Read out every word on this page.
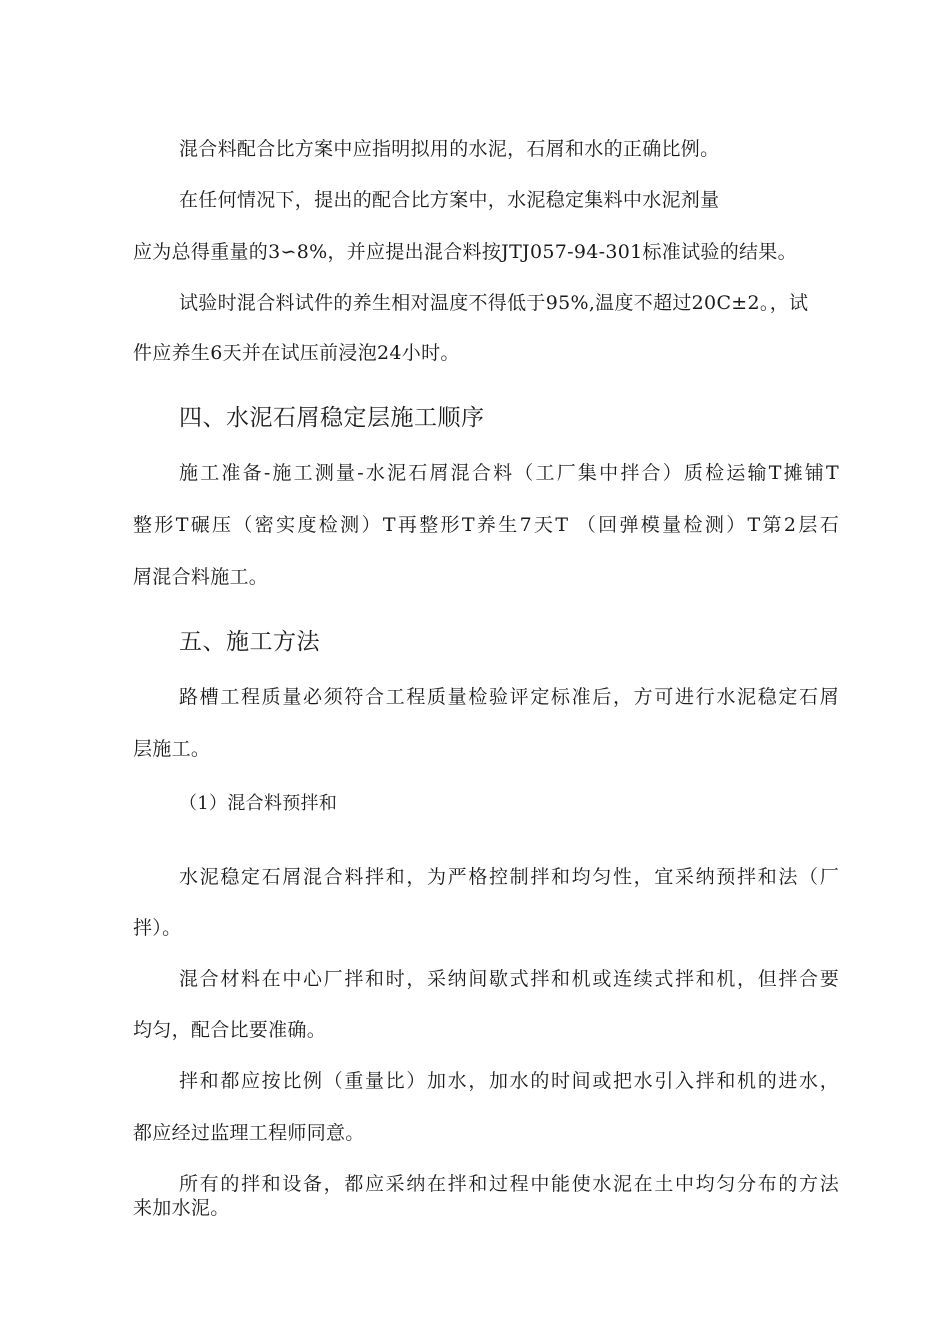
混合料配合比方案中应指明拟用的水泥，石屑和水的正确比例。
在任何情况下，提出的配合比方案中，水泥稳定集料中水泥剂量
应为总得重量的3∽8%，并应提出混合料按JTJ057-94-301标准试验的结果。
试验时混合料试件的养生相对温度不得低于95%,温度不超过20C±2。，试
件应养生6天并在试压前浸泡24小时。
四、水泥石屑稳定层施工顺序
施工准备-施工测量-水泥石屑混合料（工厂集中拌合）质检运输T摊铺T
整形T碾压（密实度检测）T再整形T养生7天T （回弹模量检测）T第2层石
屑混合料施工。
五、施工方法
路槽工程质量必须符合工程质量检验评定标准后，方可进行水泥稳定石屑
层施工。
（1）混合料预拌和
水泥稳定石屑混合料拌和，为严格控制拌和均匀性，宜采纳预拌和法（厂
拌）。
混合材料在中心厂拌和时，采纳间歇式拌和机或连续式拌和机，但拌合要
均匀，配合比要准确。
拌和都应按比例（重量比）加水，加水的时间或把水引入拌和机的进水，
都应经过监理工程师同意。
所有的拌和设备，都应采纳在拌和过程中能使水泥在土中均匀分布的方法
来加水泥。
